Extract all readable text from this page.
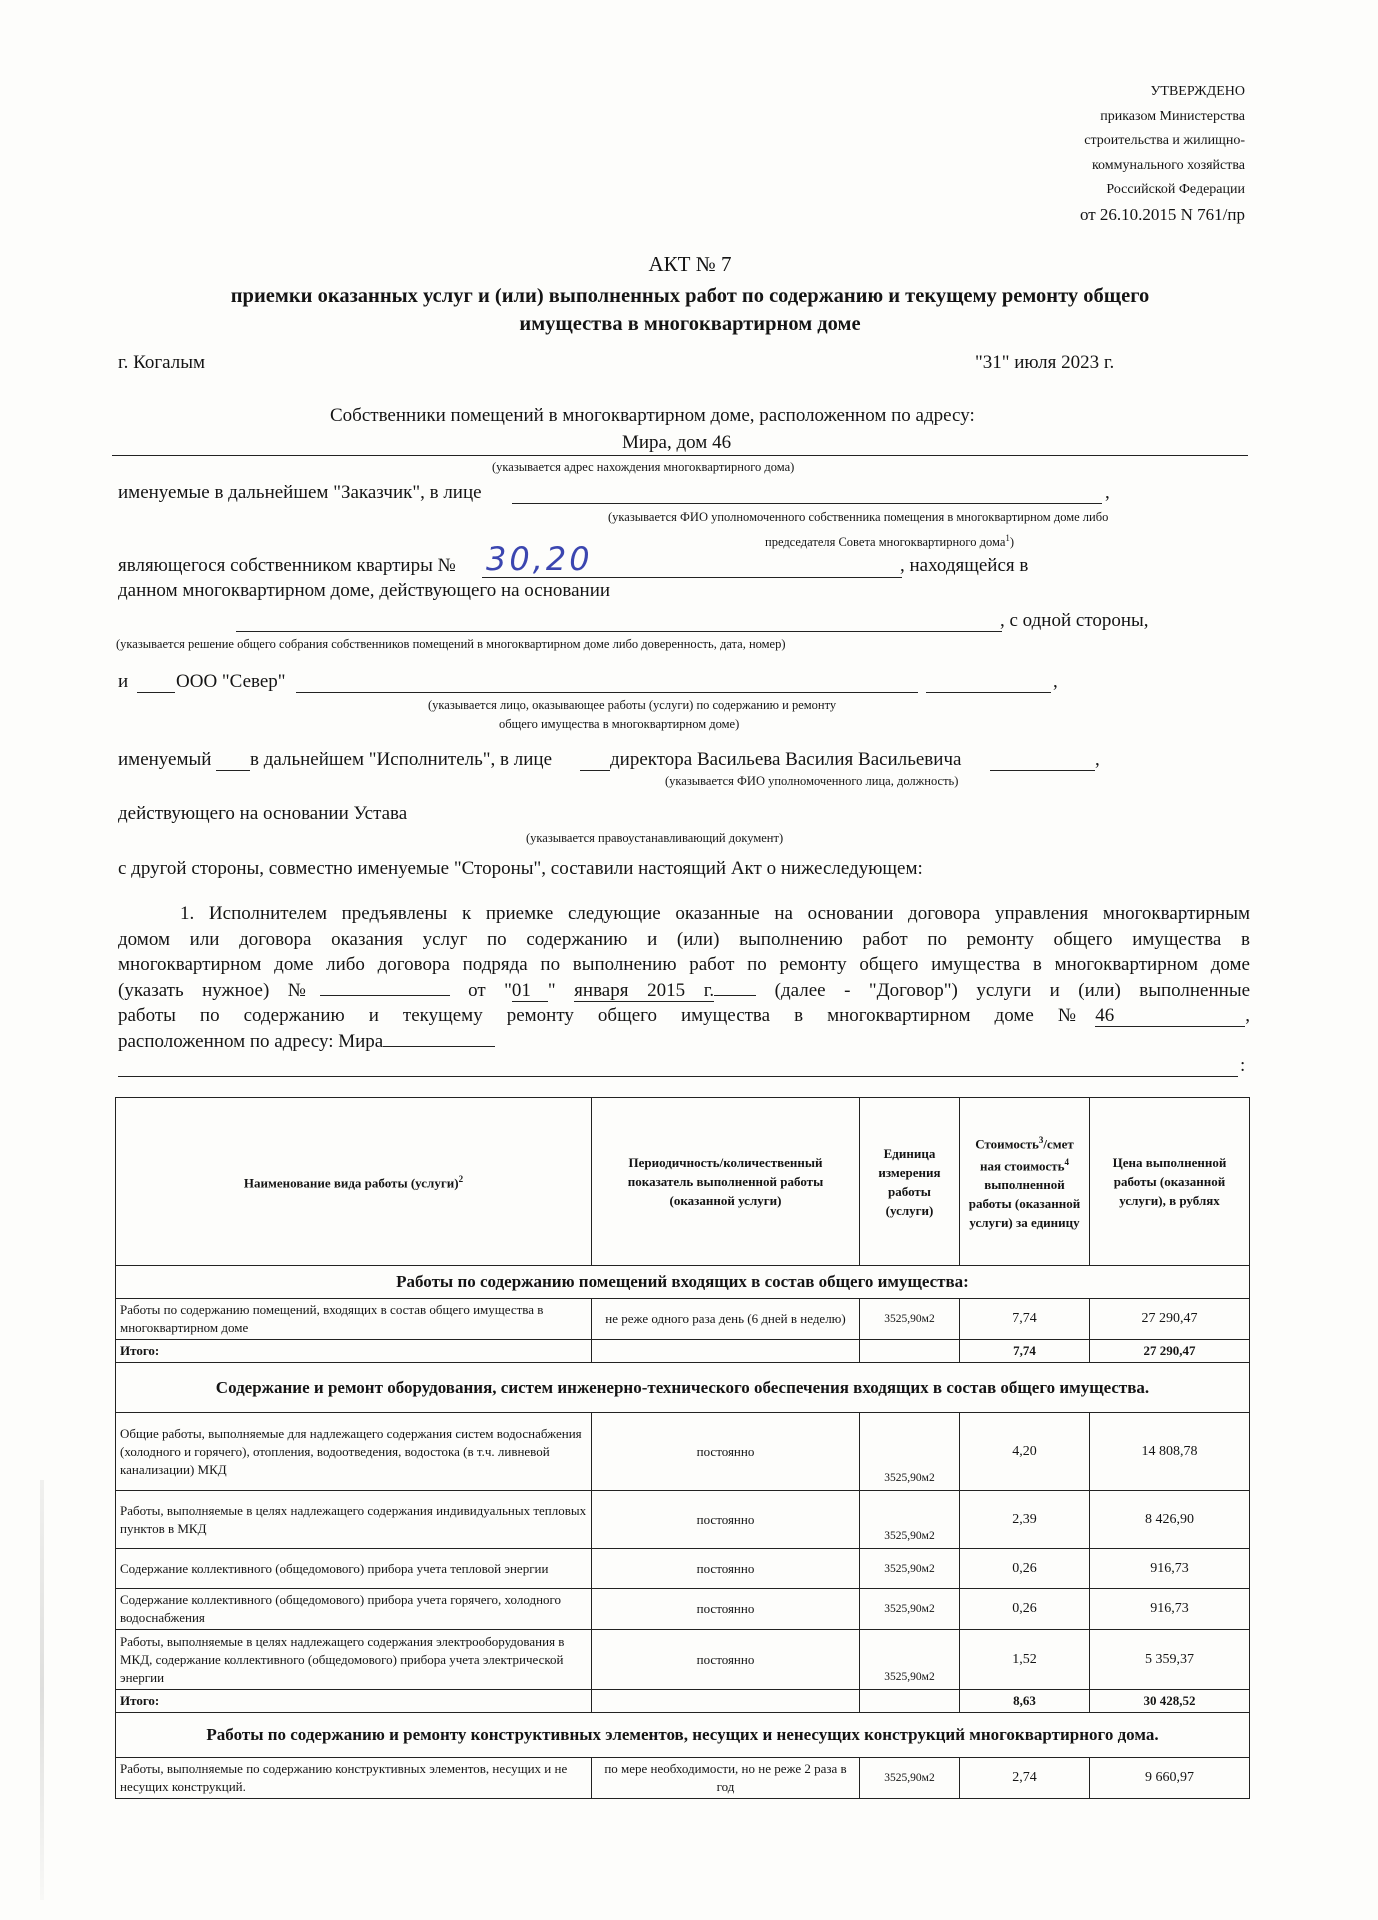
УТВЕРЖДЕНО
приказом Министерства
строительства и жилищно-
коммунального хозяйства
Российской Федерации
от 26.10.2015 N 761/пр
АКТ № 7
приемки оказанных услуг и (или) выполненных работ по содержанию и текущему ремонту общего
имущества в многоквартирном доме
г. Когалым	"31" июля 2023 г.
Собственники помещений в многоквартирном доме, расположенном по адресу:
Мира, дом 46
(указывается адрес нахождения многоквартирного дома)
именуемые в дальнейшем "Заказчик", в лице	,
(указывается ФИО уполномоченного собственника помещения в многоквартирном доме либо
председателя Совета многоквартирного дома$^1$)
являющегося собственником квартиры № 30,20	, находящейся в
данном многоквартирном доме, действующего на основании
, с одной стороны,
(указывается решение общего собрания собственников помещений в многоквартирном доме либо доверенность, дата, номер)
и	ООО "Север"	,
(указывается лицо, оказывающее работы (услуги) по содержанию и ремонту
общего имущества в многоквартирном доме)
именуемый в дальнейшем "Исполнитель", в лице	директора Васильева Василия Васильевича	,
(указывается ФИО уполномоченного лица, должность)
действующего на основании Устава
(указывается правоустанавливающий документ)
с другой стороны, совместно именуемые "Стороны", составили настоящий Акт о нижеследующем:
1. Исполнителем предъявлены к приемке следующие оказанные на основании договора управления многоквартирным
домом или договора оказания услуг по содержанию и (или) выполнению работ по ремонту общего имущества в
многоквартирном доме либо договора подряда по выполнению работ по ремонту общего имущества в многоквартирном доме
(указать нужное) №	от "01 " января 2015 г.	(далее - "Договор") услуги и (или) выполненные
работы по содержанию и текущему ремонту общего имущества в многоквартирном доме №46	,
расположенном по адресу: Мира
:
Наименование вида работы (услуги)$^2$	Периодичность/количественный показатель выполненной работы (оказанной услуги)	Единица измерения работы (услуги)	Стоимость$^3$/смет ная стоимость$^4$ выполненной работы (оказанной услуги) за единицу	Цена выполненной работы (оказанной услуги), в рублях
Работы по содержанию помещений входящих в состав общего имущества:				
Работы по содержанию помещений, входящих в состав общего имущества в многоквартирном доме	не реже одного раза день (6 дней в неделю)	3525,90м2	7,74	27 290,47
Итого:			7,74	27 290,47
Содержание и ремонт оборудования, систем инженерно-технического обеспечения входящих в состав общего имущества.				
Общие работы, выполняемые для надлежащего содержания систем водоснабжения (холодного и горячего), отопления, водоотведения, водостока (в т.ч. ливневой канализации) МКД	постоянно	3525,90м2	4,20	14 808,78
Работы, выполняемые в целях надлежащего содержания индивидуальных тепловых пунктов в МКД	постоянно	3525,90м2	2,39	8 426,90
Содержание коллективного (общедомового) прибора учета тепловой энергии	постоянно	3525,90м2	0,26	916,73
Содержание коллективного (общедомового) прибора учета горячего, холодного водоснабжения	постоянно	3525,90м2	0,26	916,73
Работы, выполняемые в целях надлежащего содержания электрооборудования в МКД, содержание коллективного (общедомового) прибора учета электрической энергии	постоянно	3525,90м2	1,52	5 359,37
Итого:			8,63	30 428,52
Работы по содержанию и ремонту конструктивных элементов, несущих и ненесущих конструкций многоквартирного дома.				
Работы, выполняемые по содержанию конструктивных элементов, несущих и не несущих конструкций.	по мере необходимости, но не реже 2 раза в год	3525,90м2	2,74	9 660,97
